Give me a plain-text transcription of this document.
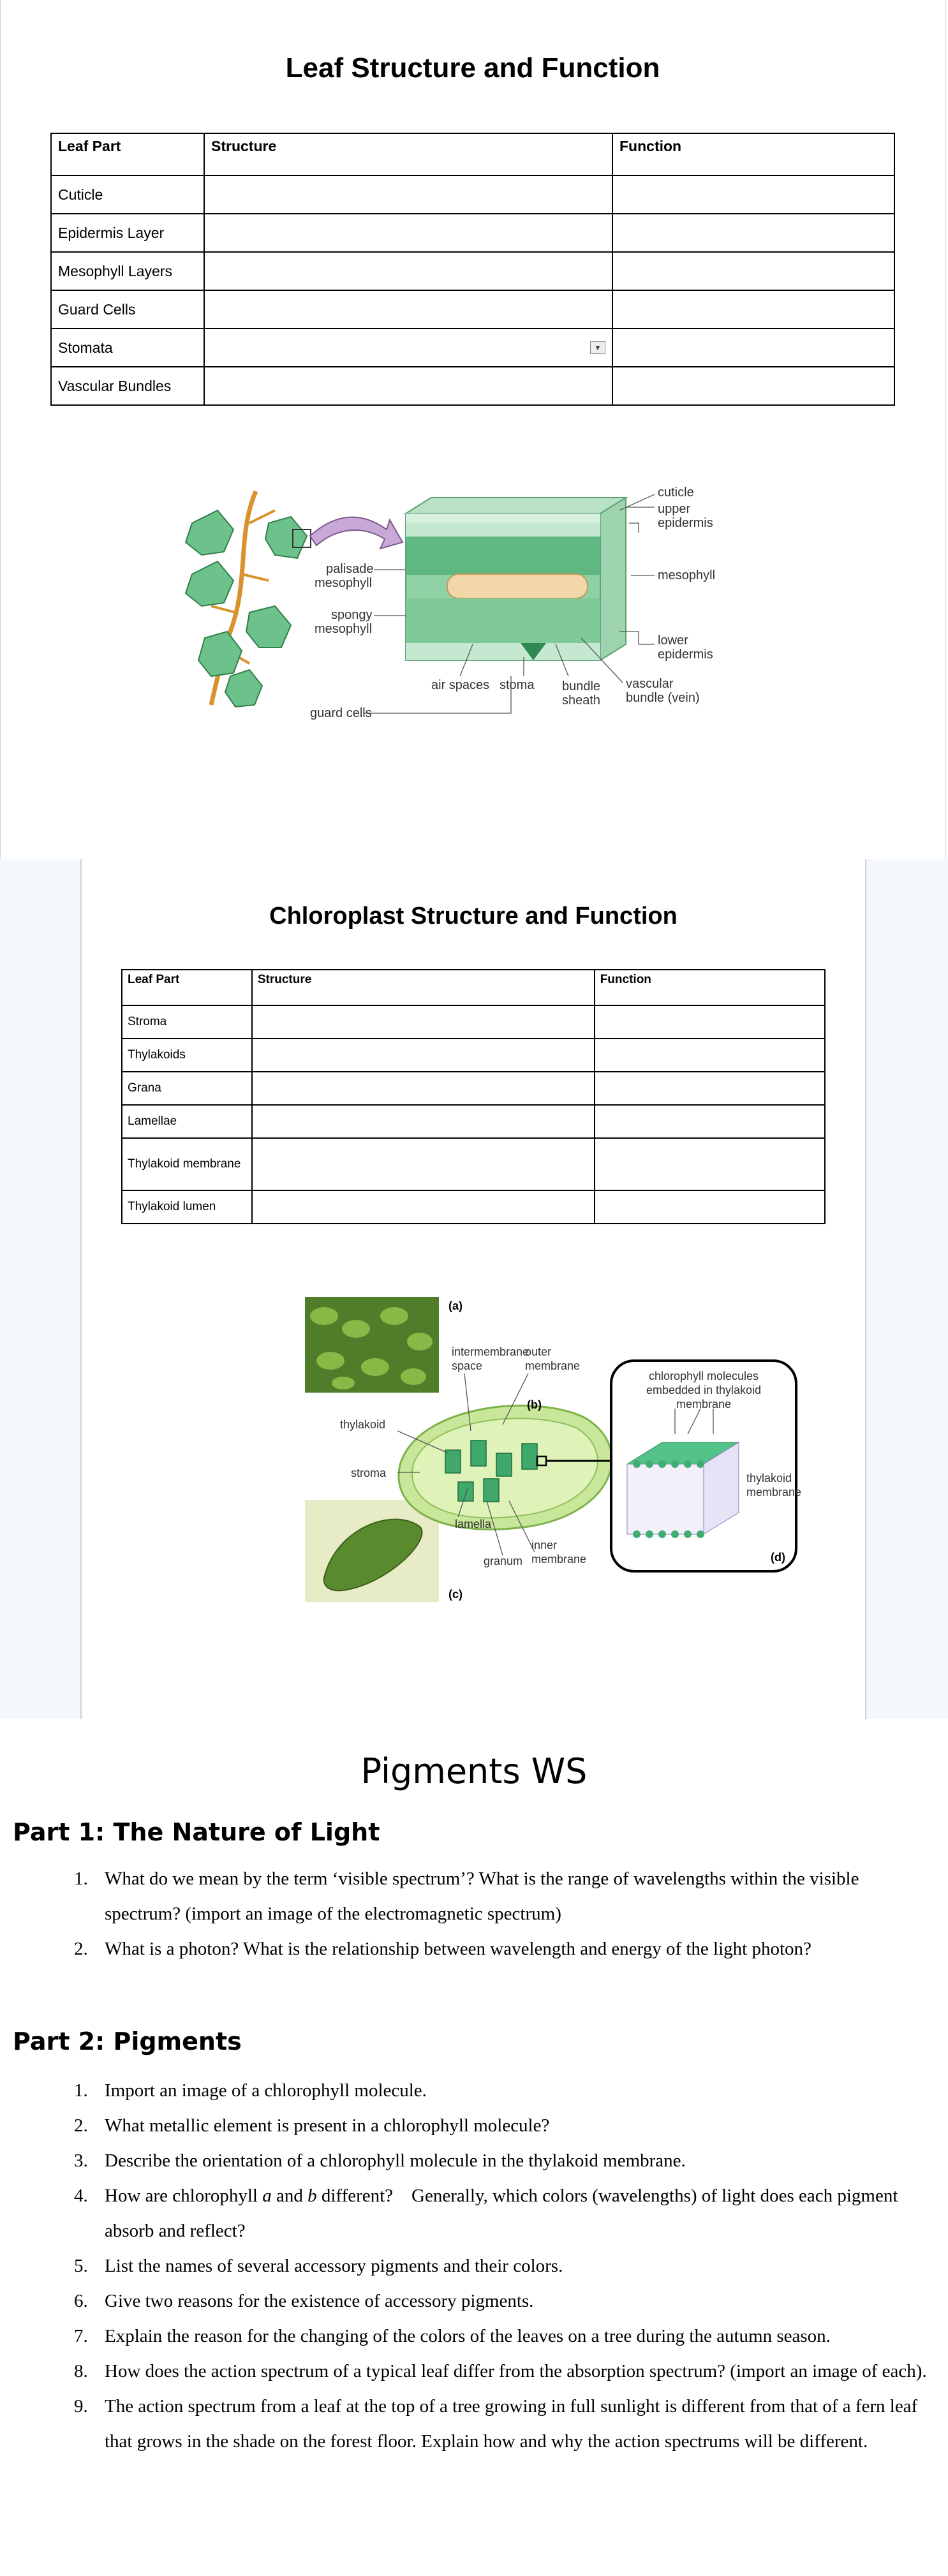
Leaf Structure and Function
Leaf Part	Structure	Function
Cuticle		
Epidermis Layer		
Mesophyll Layers		
Guard Cells		
Stomata	▼	

Vascular Bundles		
cuticle
upper
epidermis
mesophyll
lower
epidermis
vascular
bundle (vein)
palisade
mesophyll
spongy
mesophyll
air spaces stoma bundle
sheath
guard cells
Chloroplast Structure and Function
Leaf Part	Structure	Function
Stroma		
Thylakoids		
Grana		
Lamellae		
Thylakoid membrane		
Thylakoid lumen		
(a)
(b)
(c)
(d)
intermembrane
space
outer
membrane
thylakoid
stroma
lamella
granum
inner
membrane
chlorophyll molecules
embedded in thylakoid
membrane
thylakoid
membrane
Pigments WS
Part 1: The Nature of Light
1. What do we mean by the term ‘visible spectrum’? What is the range of wavelengths within the visible spectrum? (import an image of the electromagnetic spectrum)
2. What is a photon? What is the relationship between wavelength and energy of the light photon?
Part 2: Pigments
1. Import an image of a chlorophyll molecule.
2. What metallic element is present in a chlorophyll molecule?
3. Describe the orientation of a chlorophyll molecule in the thylakoid membrane.
4. How are chlorophyll a and b different?    Generally, which colors (wavelengths) of light does each pigment absorb and reflect?
5. List the names of several accessory pigments and their colors.
6. Give two reasons for the existence of accessory pigments.
7. Explain the reason for the changing of the colors of the leaves on a tree during the autumn season.
8. How does the action spectrum of a typical leaf differ from the absorption spectrum? (import an image of each).
9. The action spectrum from a leaf at the top of a tree growing in full sunlight is different from that of a fern leaf that grows in the shade on the forest floor. Explain how and why the action spectrums will be different.
